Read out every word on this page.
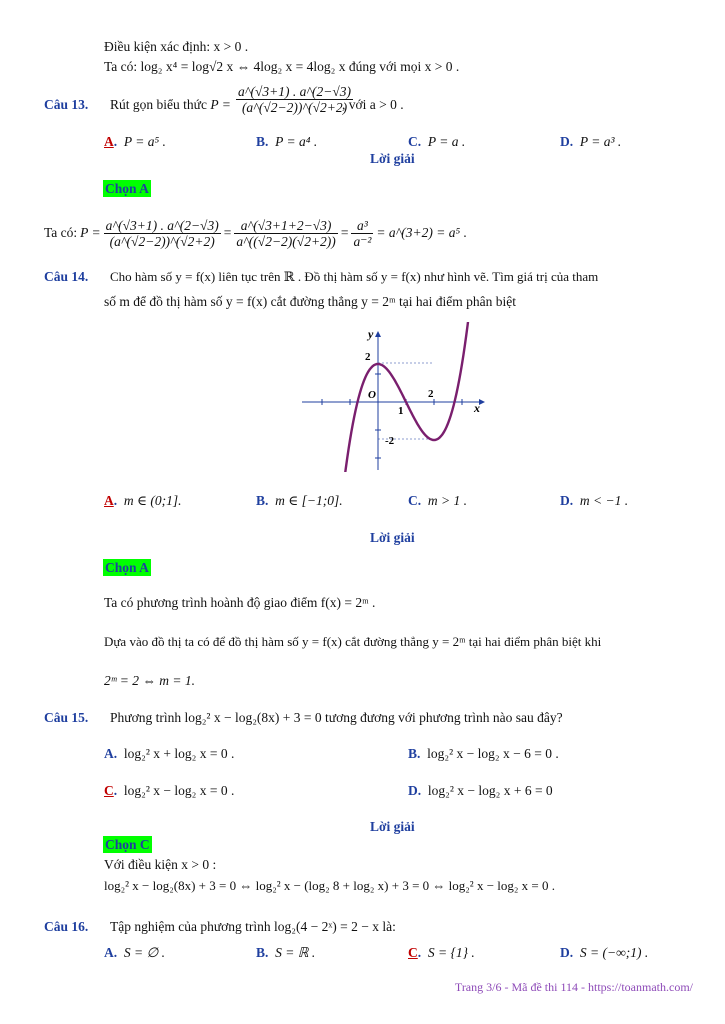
Điều kiện xác định: x > 0 .
Ta có: log₂ x⁴ = log√2 x ⇔ 4log₂ x = 4log₂ x đúng với mọi x > 0 .
Câu 13. Rút gọn biểu thức $P = \frac{a\^{}(√3+1) . a\^{}(2-√3)}{(a\^{}(√2-2))\^{}(√2+2)}$
, với a > 0 .
A. P = a⁵ .	B. P = a⁴ .	C. P = a .	D. P = a³ .
Lời giải
Chọn A
Ta có: $P = \frac{a\^{}(√3+1) . a\^{}(2-√3)}{(a\^{}(√2-2))\^{}(√2+2)} = \frac{a\^{}(√3+1+2-√3)}{a\^{}((√2-2)(√2+2))} = \frac{\text{a³}}{\text{a⁻²}}$ = a^(3+2) = a⁵ .
Câu 14. Cho hàm số y = f(x) liên tục trên ℝ . Đồ thị hàm số y = f(x) như hình vẽ. Tìm giá trị của tham
số m để đồ thị hàm số y = f(x) cắt đường thẳng y = 2ᵐ tại hai điểm phân biệt
y
x
O
2
-2
1
2
A. m ∈ (0;1].	B. m ∈ [−1;0].	C. m > 1 .	D. m < −1 .
Lời giải
Chọn A
Ta có phương trình hoành độ giao điểm f(x) = 2ᵐ .
Dựa vào đồ thị ta có để đồ thị hàm số y = f(x) cắt đường thẳng y = 2ᵐ tại hai điểm phân biệt khi
2ᵐ = 2 ⇔ m = 1.
Câu 15. Phương trình log₂² x − log₂(8x) + 3 = 0 tương đương với phương trình nào sau đây?
A. log₂² x + log₂ x = 0 .	B. log₂² x − log₂ x − 6 = 0 .
C. log₂² x − log₂ x = 0 .	D. log₂² x − log₂ x + 6 = 0
Lời giải
Chọn C
Với điều kiện x > 0 :
log₂² x − log₂(8x) + 3 = 0 ⇔ log₂² x − (log₂ 8 + log₂ x) + 3 = 0 ⇔ log₂² x − log₂ x = 0 .
Câu 16. Tập nghiệm của phương trình log₂(4 − 2ˣ) = 2 − x là:
A. S = ∅ .	B. S = ℝ .	C. S = {1} .	D. S = (−∞;1) .
Trang 3/6 - Mã đề thi 114 - https://toanmath.com/
